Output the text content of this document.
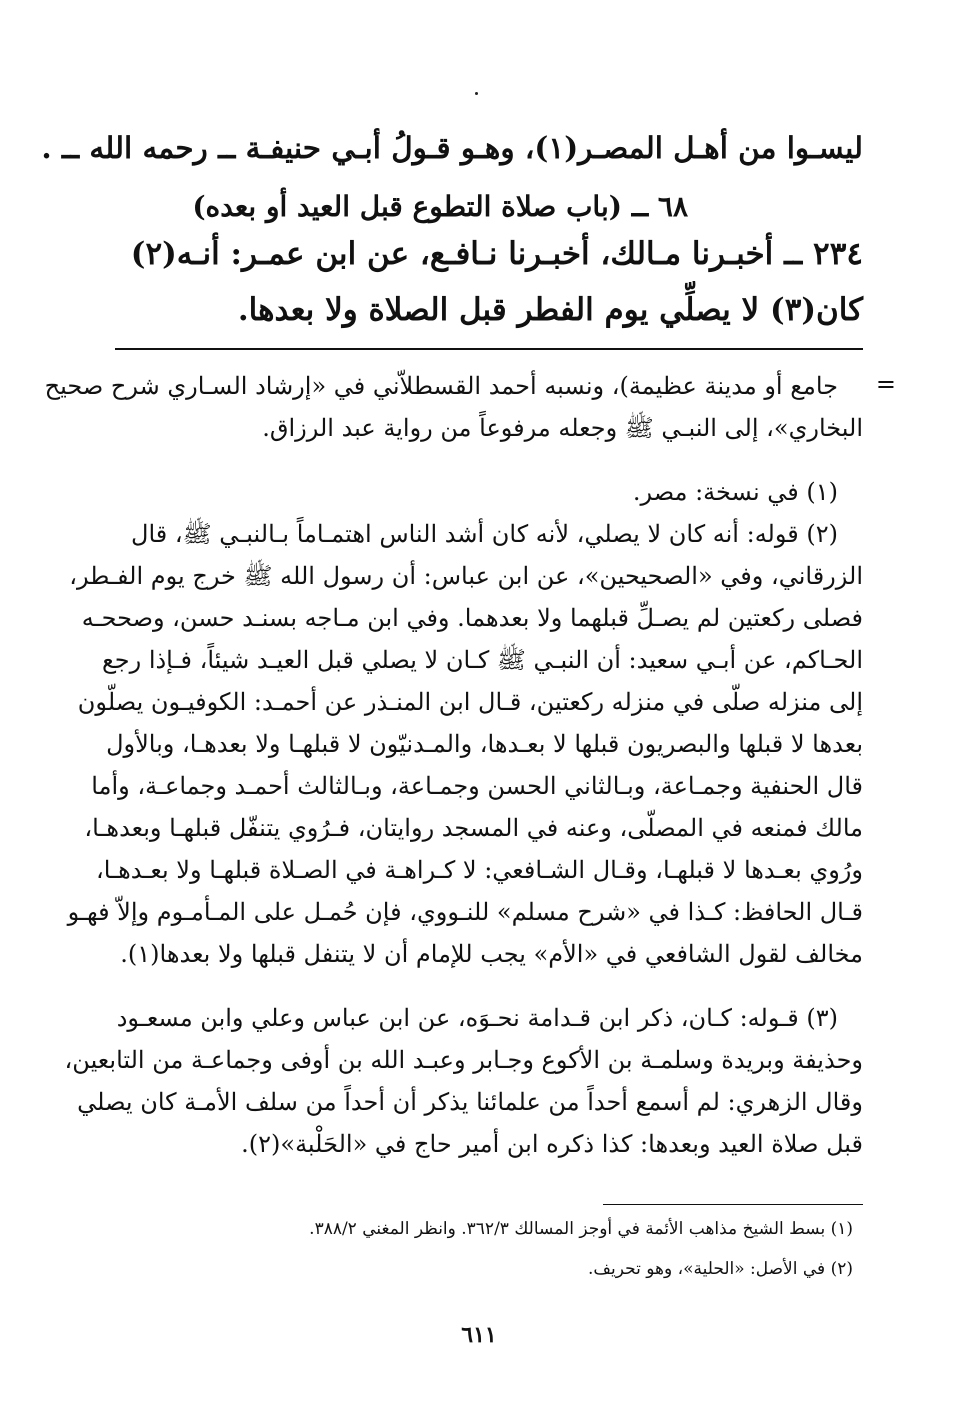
ليسـوا من أهـل المصـر(١)، وهـو قـولُ أبـي حنيفـة ــ رحمه الله ــ .
٦٨ ــ (باب صلاة التطوع قبل العيد أو بعده)
٢٣٤ ــ أخبـرنا مـالك، أخبـرنا نـافـع، عن ابن عمـر: أنـه(٢)
كان(٣) لا يصلِّي يوم الفطر قبل الصلاة ولا بعدها.
=
جامع أو مدينة عظيمة)، ونسبه أحمد القسطلاّني في «إرشاد السـاري شرح صحيح
البخاري»، إلى النبـي ﷺ وجعله مرفوعاً من رواية عبد الرزاق.
(١) في نسخة: مصر.
(٢) قوله: أنه كان لا يصلي، لأنه كان أشد الناس اهتمـاماً بـالنبـي ﷺ، قال
الزرقاني، وفي «الصحيحين»، عن ابن عباس: أن رسول الله ﷺ خرج يوم الفـطر،
فصلى ركعتين لم يصـلِّ قبلهما ولا بعدهما. وفي ابن مـاجه بسنـد حسن، وصححـه
الحـاكم، عن أبـي سعيد: أن النبـي ﷺ كـان لا يصلي قبل العيـد شيئاً، فـإذا رجع
إلى منزله صلّى في منزله ركعتين، قـال ابن المنـذر عن أحمـد: الكوفيـون يصلّون
بعدها لا قبلها والبصريون قبلها لا بعـدها، والمـدنيّون لا قبلهـا ولا بعدهـا، وبالأول
قال الحنفية وجمـاعة، وبـالثاني الحسن وجمـاعة، وبـالثالث أحمـد وجماعـة، وأما
مالك فمنعه في المصلّى، وعنه في المسجد روايتان، فـرُوي يتنفّل قبلهـا وبعدهـا،
ورُوي بعـدها لا قبلهـا، وقـال الشـافعي: لا كـراهـة في الصـلاة قبلهـا ولا بعـدهـا،
قـال الحافظ: كـذا في «شرح مسلم» للنـووي، فإن حُمـل على المـأمـوم وإلاّ فهـو
مخالف لقول الشافعي في «الأم» يجب للإمام أن لا يتنفل قبلها ولا بعدها(١).
(٣) قـوله: كـان، ذكر ابن قـدامة نحـوَه، عن ابن عباس وعلي وابن مسعـود
وحذيفة وبريدة وسلمـة بن الأكوع وجـابر وعبـد الله بن أوفى وجماعـة من التابعين،
وقال الزهري: لم أسمع أحداً من علمائنا يذكر أن أحداً من سلف الأمـة كان يصلي
قبل صلاة العيد وبعدها: كذا ذكره ابن أمير حاج في «الحَلْبة»(٢).
(١) بسط الشيخ مذاهب الأئمة في أوجز المسالك ٣٦٢/٣. وانظر المغني ٣٨٨/٢.
(٢) في الأصل: «الحلية»، وهو تحريف.
٦١١
